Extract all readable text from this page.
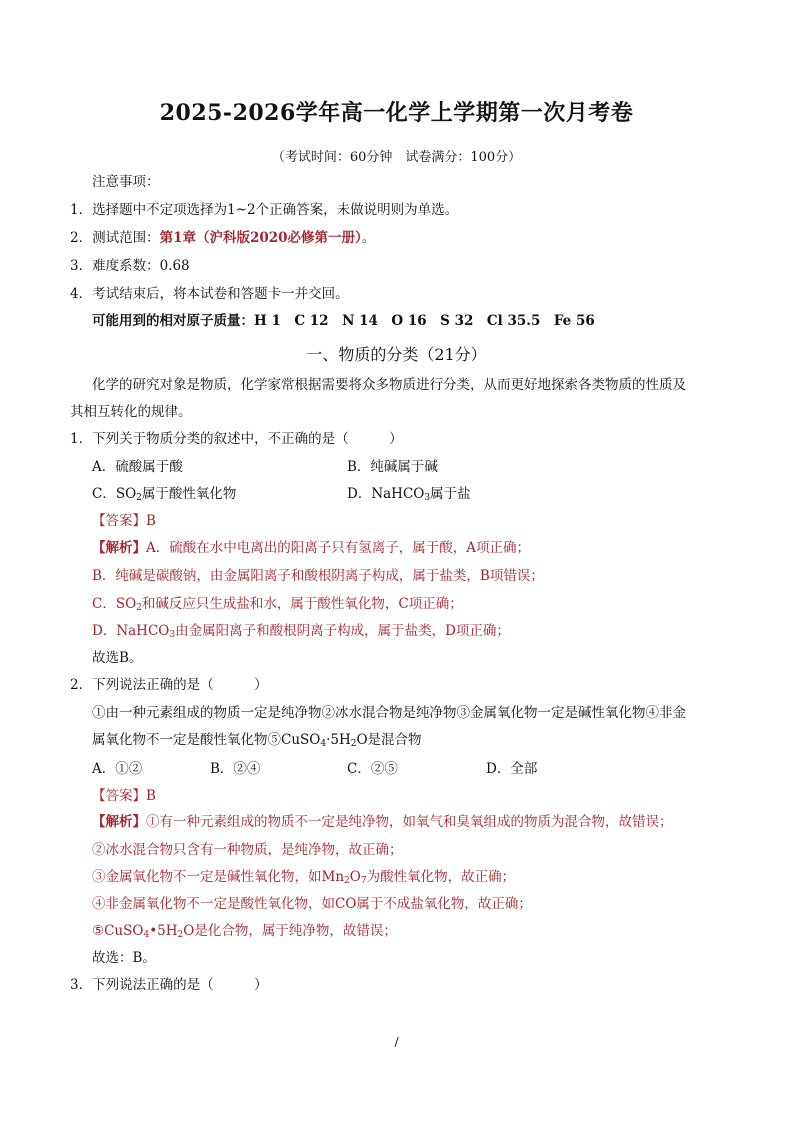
2025-2026学年高一化学上学期第一次月考卷
（考试时间：60分钟　试卷满分：100分）
注意事项：
1．选择题中不定项选择为1~2个正确答案，未做说明则为单选。
2．测试范围：第1章（沪科版2020必修第一册）。
3．难度系数：0.68
4．考试结束后，将本试卷和答题卡一并交回。
可能用到的相对原子质量：H 1　C 12　N 14　O 16　S 32　Cl 35.5　Fe 56
一、物质的分类（21分）
化学的研究对象是物质，化学家常根据需要将众多物质进行分类，从而更好地探索各类物质的性质及
其相互转化的规律。
1．下列关于物质分类的叙述中，不正确的是（　　　）
A．硫酸属于酸	B．纯碱属于碱
C．$SO_2$属于酸性氧化物	D．NaHCO$_3$属于盐
【答案】B
【解析】A．硫酸在水中电离出的阳离子只有氢离子，属于酸，A项正确；
B．纯碱是碳酸钠，由金属阳离子和酸根阴离子构成，属于盐类，B项错误；
C．$SO_2$和碱反应只生成盐和水，属于酸性氧化物，C项正确；
D．NaHCO$_3$由金属阳离子和酸根阴离子构成，属于盐类，D项正确；
故选B。
2．下列说法正确的是（　　　）
①由一种元素组成的物质一定是纯净物②冰水混合物是纯净物③金属氧化物一定是碱性氧化物④非金
属氧化物不一定是酸性氧化物$⑤CuSO_4\cdot 5H_2O$是混合物
A．①②	B．②④	C．②⑤	D．全部
【答案】B
【解析】①有一种元素组成的物质不一定是纯净物，如氧气和臭氧组成的物质为混合物，故错误；
②冰水混合物只含有一种物质，是纯净物，故正确；
③金属氧化物不一定是碱性氧化物，如$Mn_2O_7$为酸性氧化物，故正确；
④非金属氧化物不一定是酸性氧化物，如CO属于不成盐氧化物，故正确；
$⑤CuSO_4•5H_2O$是化合物，属于纯净物，故错误；
故选：B。
3．下列说法正确的是（　　　）
/
